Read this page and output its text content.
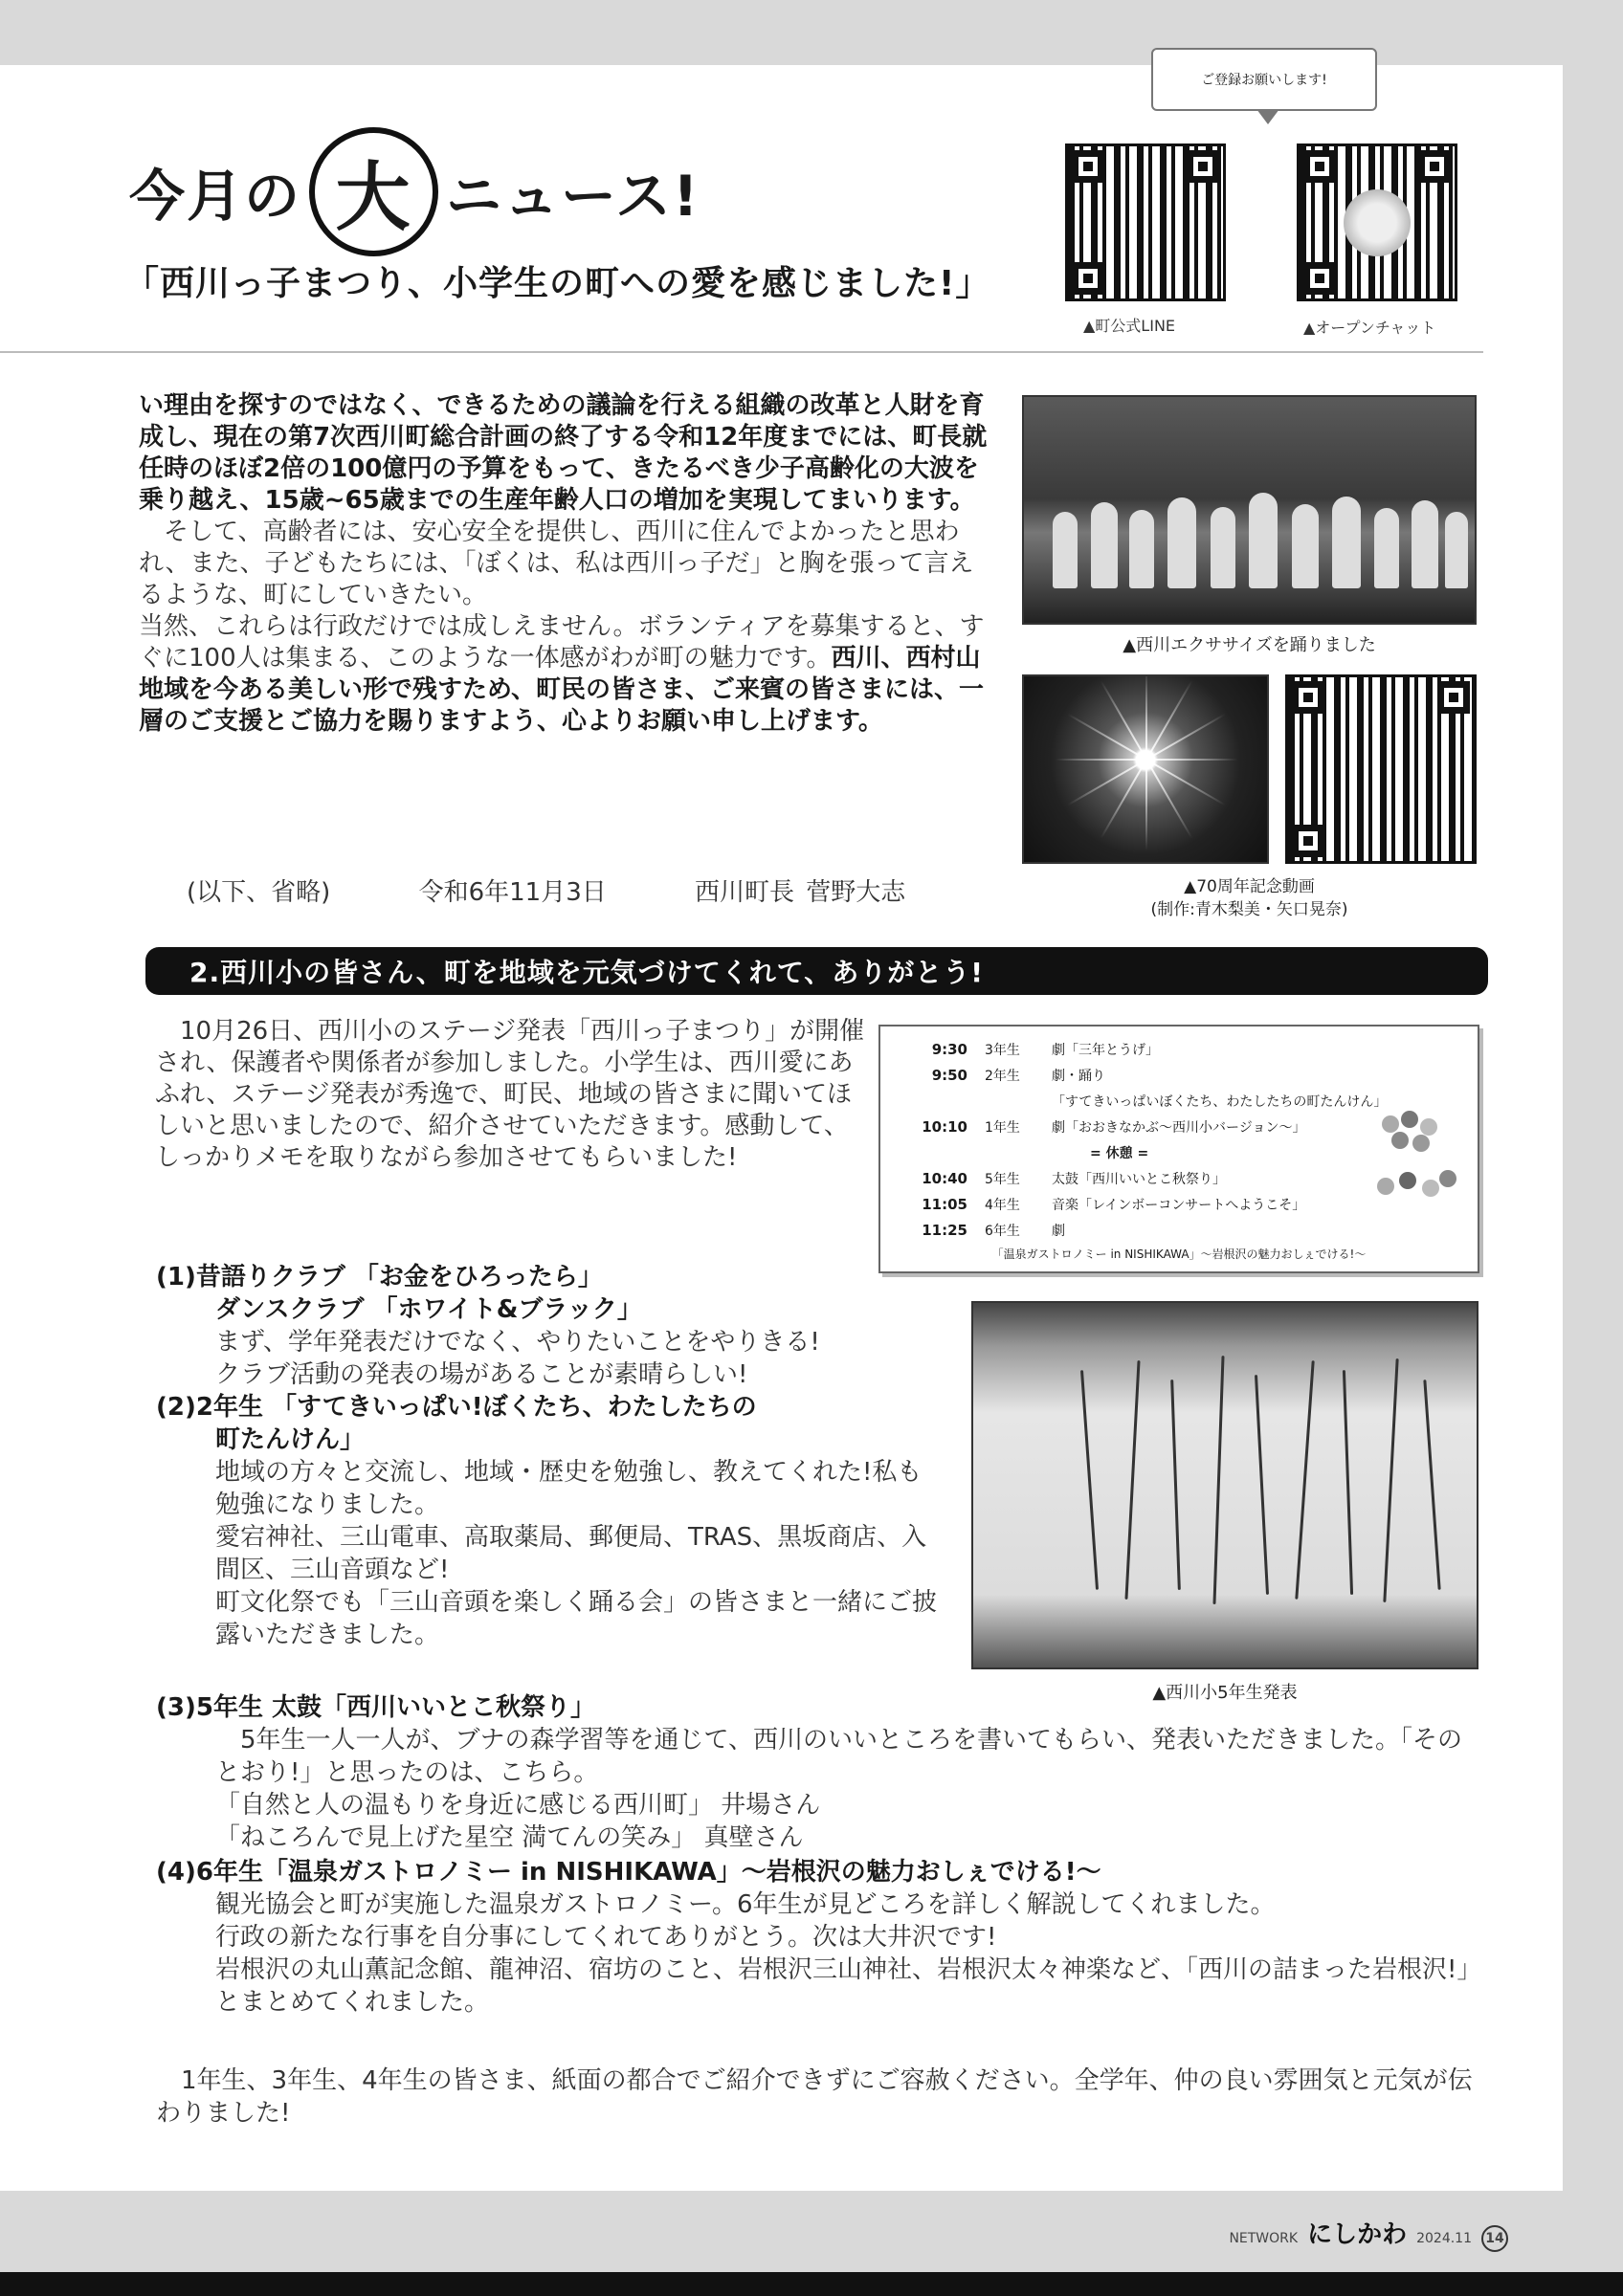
今月の 大 ニュース!
「西川っ子まつり、小学生の町への愛を感じました!」
ご登録お願いします!
▲町公式LINE	▲オープンチャット

い理由を探すのではなく、できるための議論を行える組織の改革と人財を育成し、現在の第7次西川町総合計画の終了する令和12年度までには、町長就任時のほぼ2倍の100億円の予算をもって、きたるべき少子高齢化の大波を乗り越え、15歳~65歳までの生産年齢人口の増加を実現してまいります。

そして、高齢者には、安心安全を提供し、西川に住んでよかったと思われ、また、子どもたちには、「ぼくは、私は西川っ子だ」と胸を張って言えるような、町にしていきたい。

当然、これらは行政だけでは成しえません。ボランティアを募集すると、すぐに100人は集まる、このような一体感がわが町の魅力です。

西川、西村山地域を今ある美しい形で残すため、町民の皆さま、ご来賓の皆さまには、一層のご支援とご協力を賜りますよう、心よりお願い申し上げます。

(以下、省略)	令和6年11月3日	西川町長 菅野大志
▲西川エクササイズを踊りました
▲70周年記念動画
(制作:青木梨美・矢口晃奈)
2.西川小の皆さん、町を地域を元気づけてくれて、ありがとう!
10月26日、西川小のステージ発表「西川っ子まつり」が開催され、保護者や関係者が参加しました。小学生は、西川愛にあふれ、ステージ発表が秀逸で、町民、地域の皆さまに聞いてほしいと思いましたので、紹介させていただきます。感動して、しっかりメモを取りながら参加させてもらいました!
9:30	3年生	劇「三年とうげ」
9:50	2年生	劇・踊り
「すてきいっぱいぼくたち、わたしたちの町たんけん」
10:10	1年生	劇「おおきなかぶ〜西川小バージョン〜」
= 休憩 =
10:40	5年生	太鼓「西川いいとこ秋祭り」
11:05	4年生	音楽「レインボーコンサートへようこそ」
11:25	6年生	劇
「温泉ガストロノミー in NISHIKAWA」〜岩根沢の魅力おしぇでける!〜
▲西川小5年生発表
(1)昔語りクラブ 「お金をひろったら」
ダンスクラブ 「ホワイト&ブラック」
まず、学年発表だけでなく、やりたいことをやりきる!
クラブ活動の発表の場があることが素晴らしい!
(2)2年生 「すてきいっぱい!ぼくたち、わたしたちの
町たんけん」
地域の方々と交流し、地域・歴史を勉強し、教えてくれた!私も勉強になりました。
愛宕神社、三山電車、高取薬局、郵便局、TRAS、黒坂商店、入間区、三山音頭など!
町文化祭でも「三山音頭を楽しく踊る会」の皆さまと一緒にご披露いただきました。
(3)5年生 太鼓「西川いいとこ秋祭り」
5年生一人一人が、ブナの森学習等を通じて、西川のいいところを書いてもらい、発表いただきました。「そのとおり!」と思ったのは、こちら。
「自然と人の温もりを身近に感じる西川町」 井場さん
「ねころんで見上げた星空 満てんの笑み」 真壁さん
(4)6年生「温泉ガストロノミー in NISHIKAWA」〜岩根沢の魅力おしぇでける!〜
観光協会と町が実施した温泉ガストロノミー。6年生が見どころを詳しく解説してくれました。
行政の新たな行事を自分事にしてくれてありがとう。次は大井沢です!
岩根沢の丸山薫記念館、龍神沼、宿坊のこと、岩根沢三山神社、岩根沢太々神楽など、「西川の詰まった岩根沢!」とまとめてくれました。
1年生、3年生、4年生の皆さま、紙面の都合でご紹介できずにご容赦ください。全学年、仲の良い雰囲気と元気が伝わりました!
NETWORK にしかわ 2024.11	14
